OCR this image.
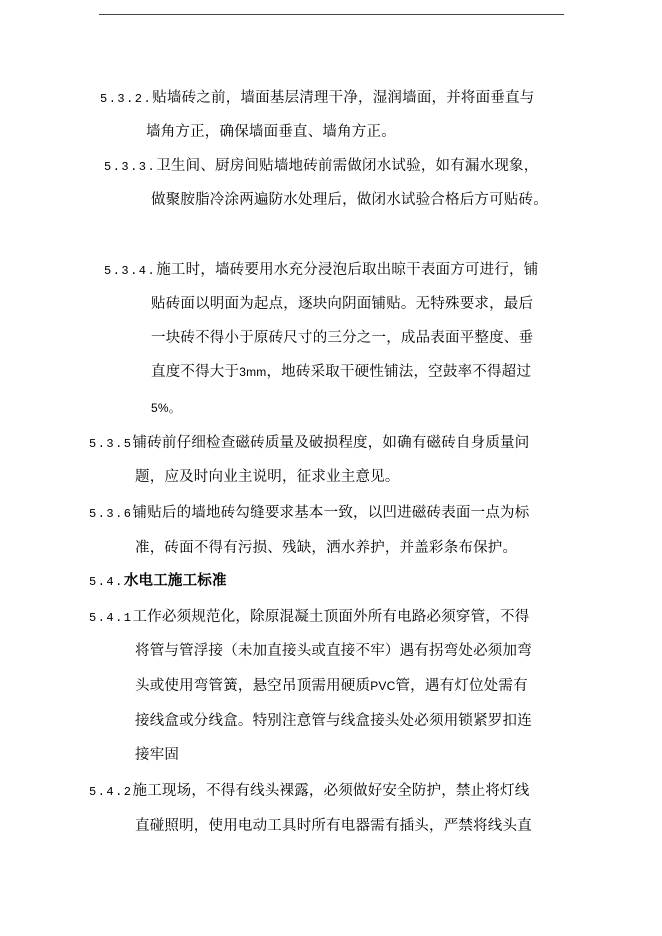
5.3.2.贴墙砖之前，墙面基层清理干净，湿润墙面，并将面垂直与
墙角方正，确保墙面垂直、墙角方正。
5.3.3.卫生间、厨房间贴墙地砖前需做闭水试验，如有漏水现象，
做聚胺脂冷涂两遍防水处理后，做闭水试验合格后方可贴砖。
5.3.4.施工时，墙砖要用水充分浸泡后取出晾干表面方可进行，铺
贴砖面以明面为起点，逐块向阴面铺贴。无特殊要求，最后
一块砖不得小于原砖尺寸的三分之一，成品表面平整度、垂
直度不得大于3mm，地砖采取干硬性铺法，空鼓率不得超过
5%。
5.3.5铺砖前仔细检查磁砖质量及破损程度，如确有磁砖自身质量问
题，应及时向业主说明，征求业主意见。
5.3.6铺贴后的墙地砖勾缝要求基本一致，以凹进磁砖表面一点为标
准，砖面不得有污损、残缺，洒水养护，并盖彩条布保护。
5.4.水电工施工标准
5.4.1工作必须规范化，除原混凝土顶面外所有电路必须穿管，不得
将管与管浮接（未加直接头或直接不牢）遇有拐弯处必须加弯
头或使用弯管簧，悬空吊顶需用硬质PVC管，遇有灯位处需有
接线盒或分线盒。特别注意管与线盒接头处必须用锁紧罗扣连
接牢固
5.4.2施工现场，不得有线头裸露，必须做好安全防护，禁止将灯线
直碰照明，使用电动工具时所有电器需有插头，严禁将线头直
